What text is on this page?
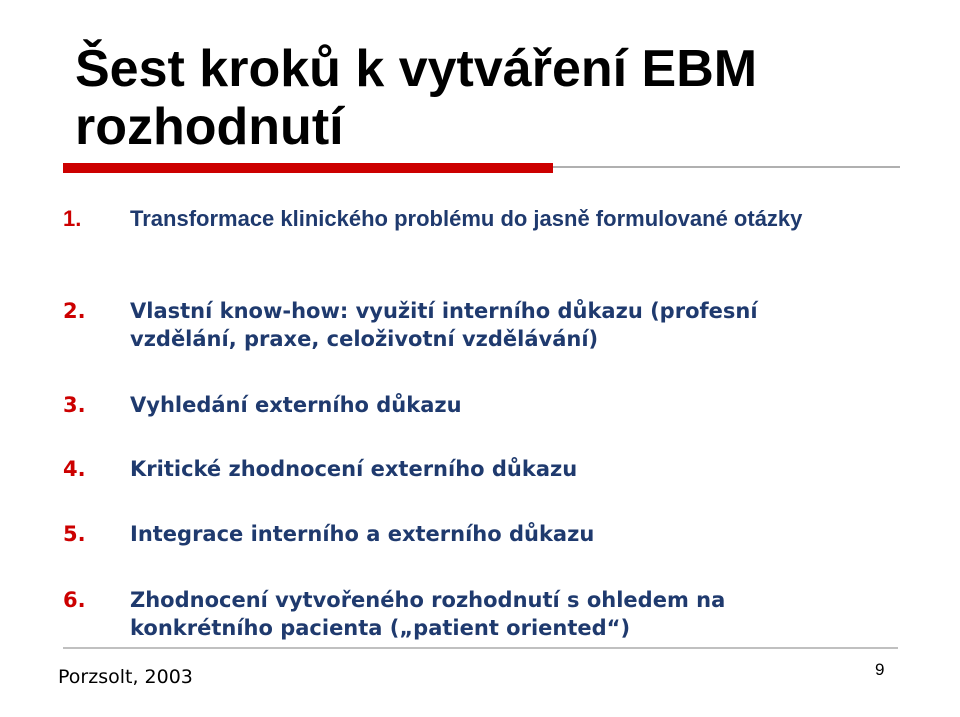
Šest kroků k vytváření EBM rozhodnutí
1.	Transformace klinického problému do jasně formulované otázky
2.	Vlastní know-how: využití interního důkazu (profesní vzdělání, praxe, celoživotní vzdělávání)
3.	Vyhledání externího důkazu
4.	Kritické zhodnocení externího důkazu
5.	Integrace interního a externího důkazu
6.	Zhodnocení vytvořeného rozhodnutí s ohledem na konkrétního pacienta („patient oriented“)
Porzsolt, 2003	9
